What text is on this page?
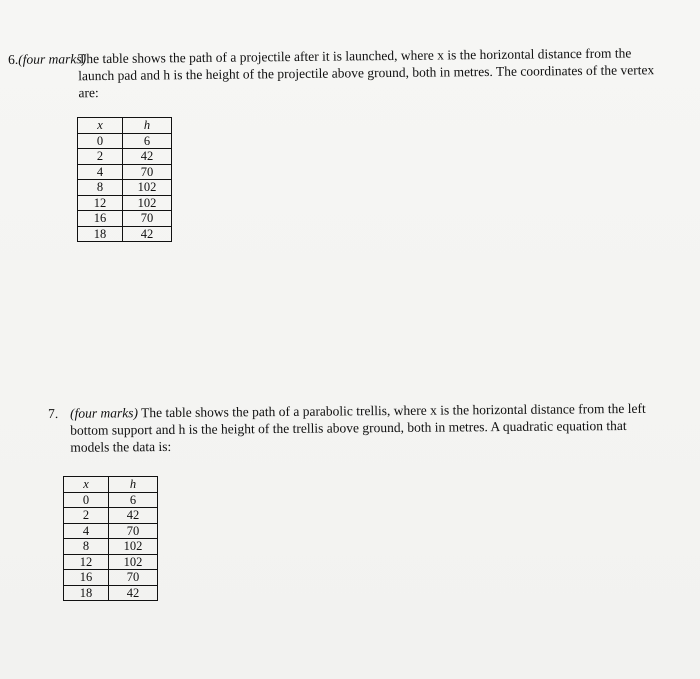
6.(four marks)
The table shows the path of a projectile after it is launched, where x is the horizontal distance from the
launch pad and h is the height of the projectile above ground, both in metres. The coordinates of the vertex
are:
x	h
0	6
2	42
4	70
8	102
12	102
16	70
18	42
7. (four marks) The table shows the path of a parabolic trellis, where x is the horizontal distance from the left
bottom support and h is the height of the trellis above ground, both in metres. A quadratic equation that
models the data is:
x	h
0	6
2	42
4	70
8	102
12	102
16	70
18	42
